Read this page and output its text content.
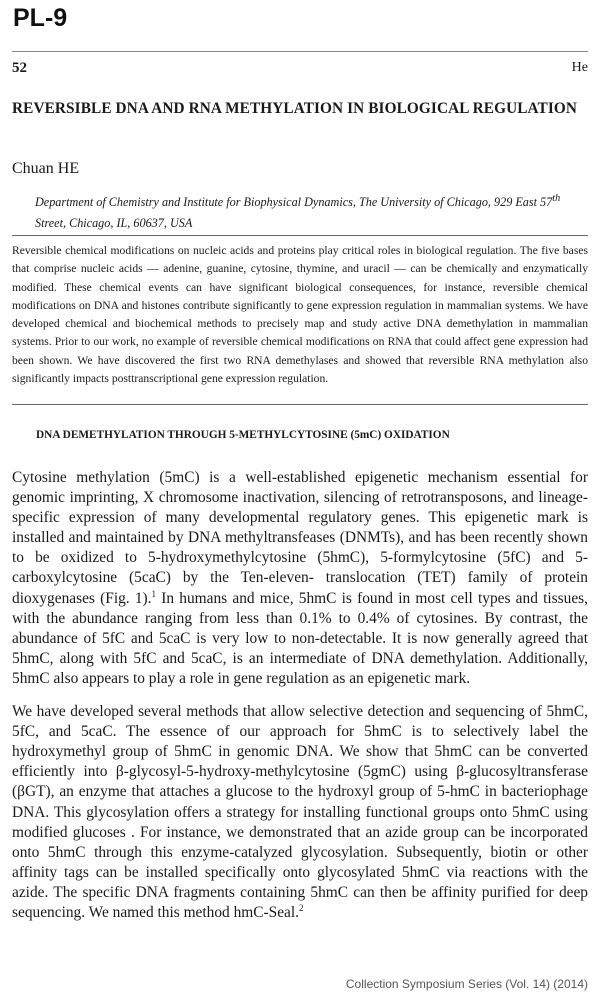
PL-9
52	He
REVERSIBLE DNA AND RNA METHYLATION IN BIOLOGICAL REGULATION
Chuan HE
Department of Chemistry and Institute for Biophysical Dynamics, The University of Chicago, 929 East 57th Street, Chicago, IL, 60637, USA
Reversible chemical modifications on nucleic acids and proteins play critical roles in biological regulation. The five bases that comprise nucleic acids — adenine, guanine, cytosine, thymine, and uracil — can be chemically and enzymatically modified. These chemical events can have significant biological consequences, for instance, reversible chemical modifications on DNA and histones contribute significantly to gene expression regulation in mammalian systems. We have developed chemical and biochemical methods to precisely map and study active DNA demethylation in mammalian systems. Prior to our work, no example of reversible chemical modifications on RNA that could affect gene expression had been shown. We have discovered the first two RNA demethylases and showed that reversible RNA methylation also significantly impacts posttranscriptional gene expression regulation.
DNA DEMETHYLATION THROUGH 5-METHYLCYTOSINE (5mC) OXIDATION

Cytosine methylation (5mC) is a well-established epigenetic mechanism essential for genomic imprinting, X chromosome inactivation, silencing of retrotransposons, and lineage-specific expression of many developmental regulatory genes. This epigenetic mark is installed and maintained by DNA methyltransfeases (DNMTs), and has been recently shown to be oxidized to 5-hydroxymethylcytosine (5hmC), 5-formylcytosine (5fC) and 5-carboxylcytosine (5caC) by the Ten-eleven- translocation (TET) family of protein dioxygenases (Fig. 1).$^1$ In humans and mice, 5hmC is found in most cell types and tissues, with the abundance ranging from less than 0.1% to 0.4% of cytosines. By contrast, the abundance of 5fC and 5caC is very low to non-detectable. It is now generally agreed that 5hmC, along with 5fC and 5caC, is an intermediate of DNA demethylation. Additionally, 5hmC also appears to play a role in gene regulation as an epigenetic mark.

We have developed several methods that allow selective detection and sequencing of 5hmC, 5fC, and 5caC. The essence of our approach for 5hmC is to selectively label the hydroxymethyl group of 5hmC in genomic DNA. We show that 5hmC can be converted efficiently into β-glycosyl-5-hydroxy-methylcytosine (5gmC) using β-glucosyltransferase (βGT), an enzyme that attaches a glucose to the hydroxyl group of 5-hmC in bacteriophage DNA. This glycosylation offers a strategy for installing functional groups onto 5hmC using modified glucoses . For instance, we demonstrated that an azide group can be incorporated onto 5hmC through this enzyme-catalyzed glycosylation. Subsequently, biotin or other affinity tags can be installed specifically onto glycosylated 5hmC via reactions with the azide. The specific DNA fragments containing 5hmC can then be affinity purified for deep sequencing. We named this method hmC-Seal.$^2$

Collection Symposium Series (Vol. 14) (2014)
